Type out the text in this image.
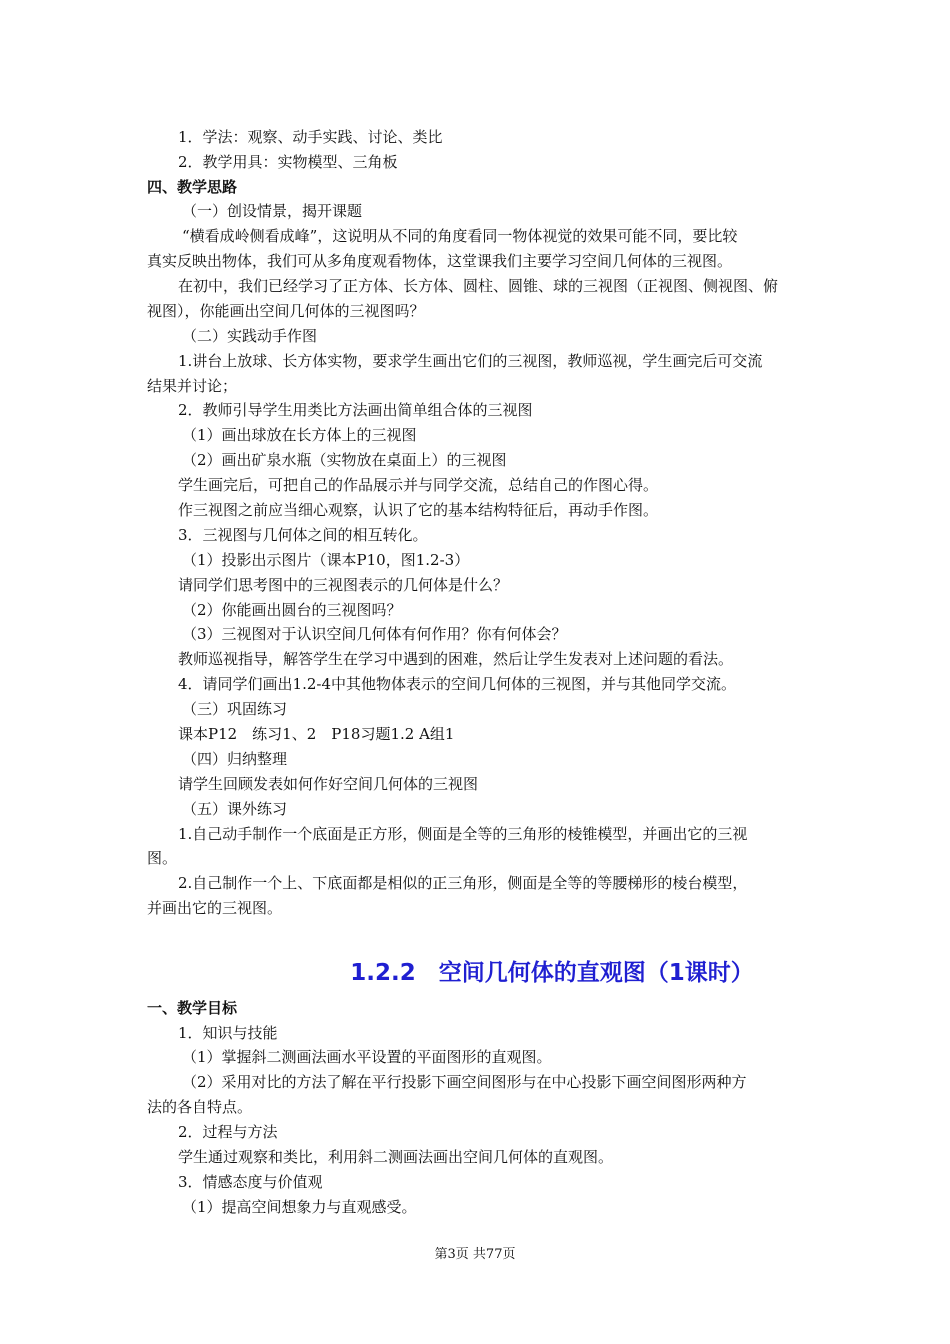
1．学法：观察、动手实践、讨论、类比
2．教学用具：实物模型、三角板
四、教学思路
（一）创设情景，揭开课题
“横看成岭侧看成峰”，这说明从不同的角度看同一物体视觉的效果可能不同，要比较
真实反映出物体，我们可从多角度观看物体，这堂课我们主要学习空间几何体的三视图。
在初中，我们已经学习了正方体、长方体、圆柱、圆锥、球的三视图（正视图、侧视图、俯
视图），你能画出空间几何体的三视图吗？
（二）实践动手作图
1.讲台上放球、长方体实物，要求学生画出它们的三视图，教师巡视，学生画完后可交流
结果并讨论；
2．教师引导学生用类比方法画出简单组合体的三视图
（1）画出球放在长方体上的三视图
（2）画出矿泉水瓶（实物放在桌面上）的三视图
学生画完后，可把自己的作品展示并与同学交流，总结自己的作图心得。
作三视图之前应当细心观察，认识了它的基本结构特征后，再动手作图。
3．三视图与几何体之间的相互转化。
（1）投影出示图片（课本P10，图1.2-3）
请同学们思考图中的三视图表示的几何体是什么？
（2）你能画出圆台的三视图吗？
（3）三视图对于认识空间几何体有何作用？你有何体会？
教师巡视指导，解答学生在学习中遇到的困难，然后让学生发表对上述问题的看法。
4．请同学们画出1.2-4中其他物体表示的空间几何体的三视图，并与其他同学交流。
（三）巩固练习
课本P12　练习1、2　P18习题1.2 A组1
（四）归纳整理
请学生回顾发表如何作好空间几何体的三视图
（五）课外练习
1.自己动手制作一个底面是正方形，侧面是全等的三角形的棱锥模型，并画出它的三视
图。
2.自己制作一个上、下底面都是相似的正三角形，侧面是全等的等腰梯形的棱台模型，
并画出它的三视图。
1.2.2　空间几何体的直观图（1课时）
一、教学目标
1．知识与技能
（1）掌握斜二测画法画水平设置的平面图形的直观图。
（2）采用对比的方法了解在平行投影下画空间图形与在中心投影下画空间图形两种方
法的各自特点。
2．过程与方法
学生通过观察和类比，利用斜二测画法画出空间几何体的直观图。
3．情感态度与价值观
（1）提高空间想象力与直观感受。
第3页 共77页
